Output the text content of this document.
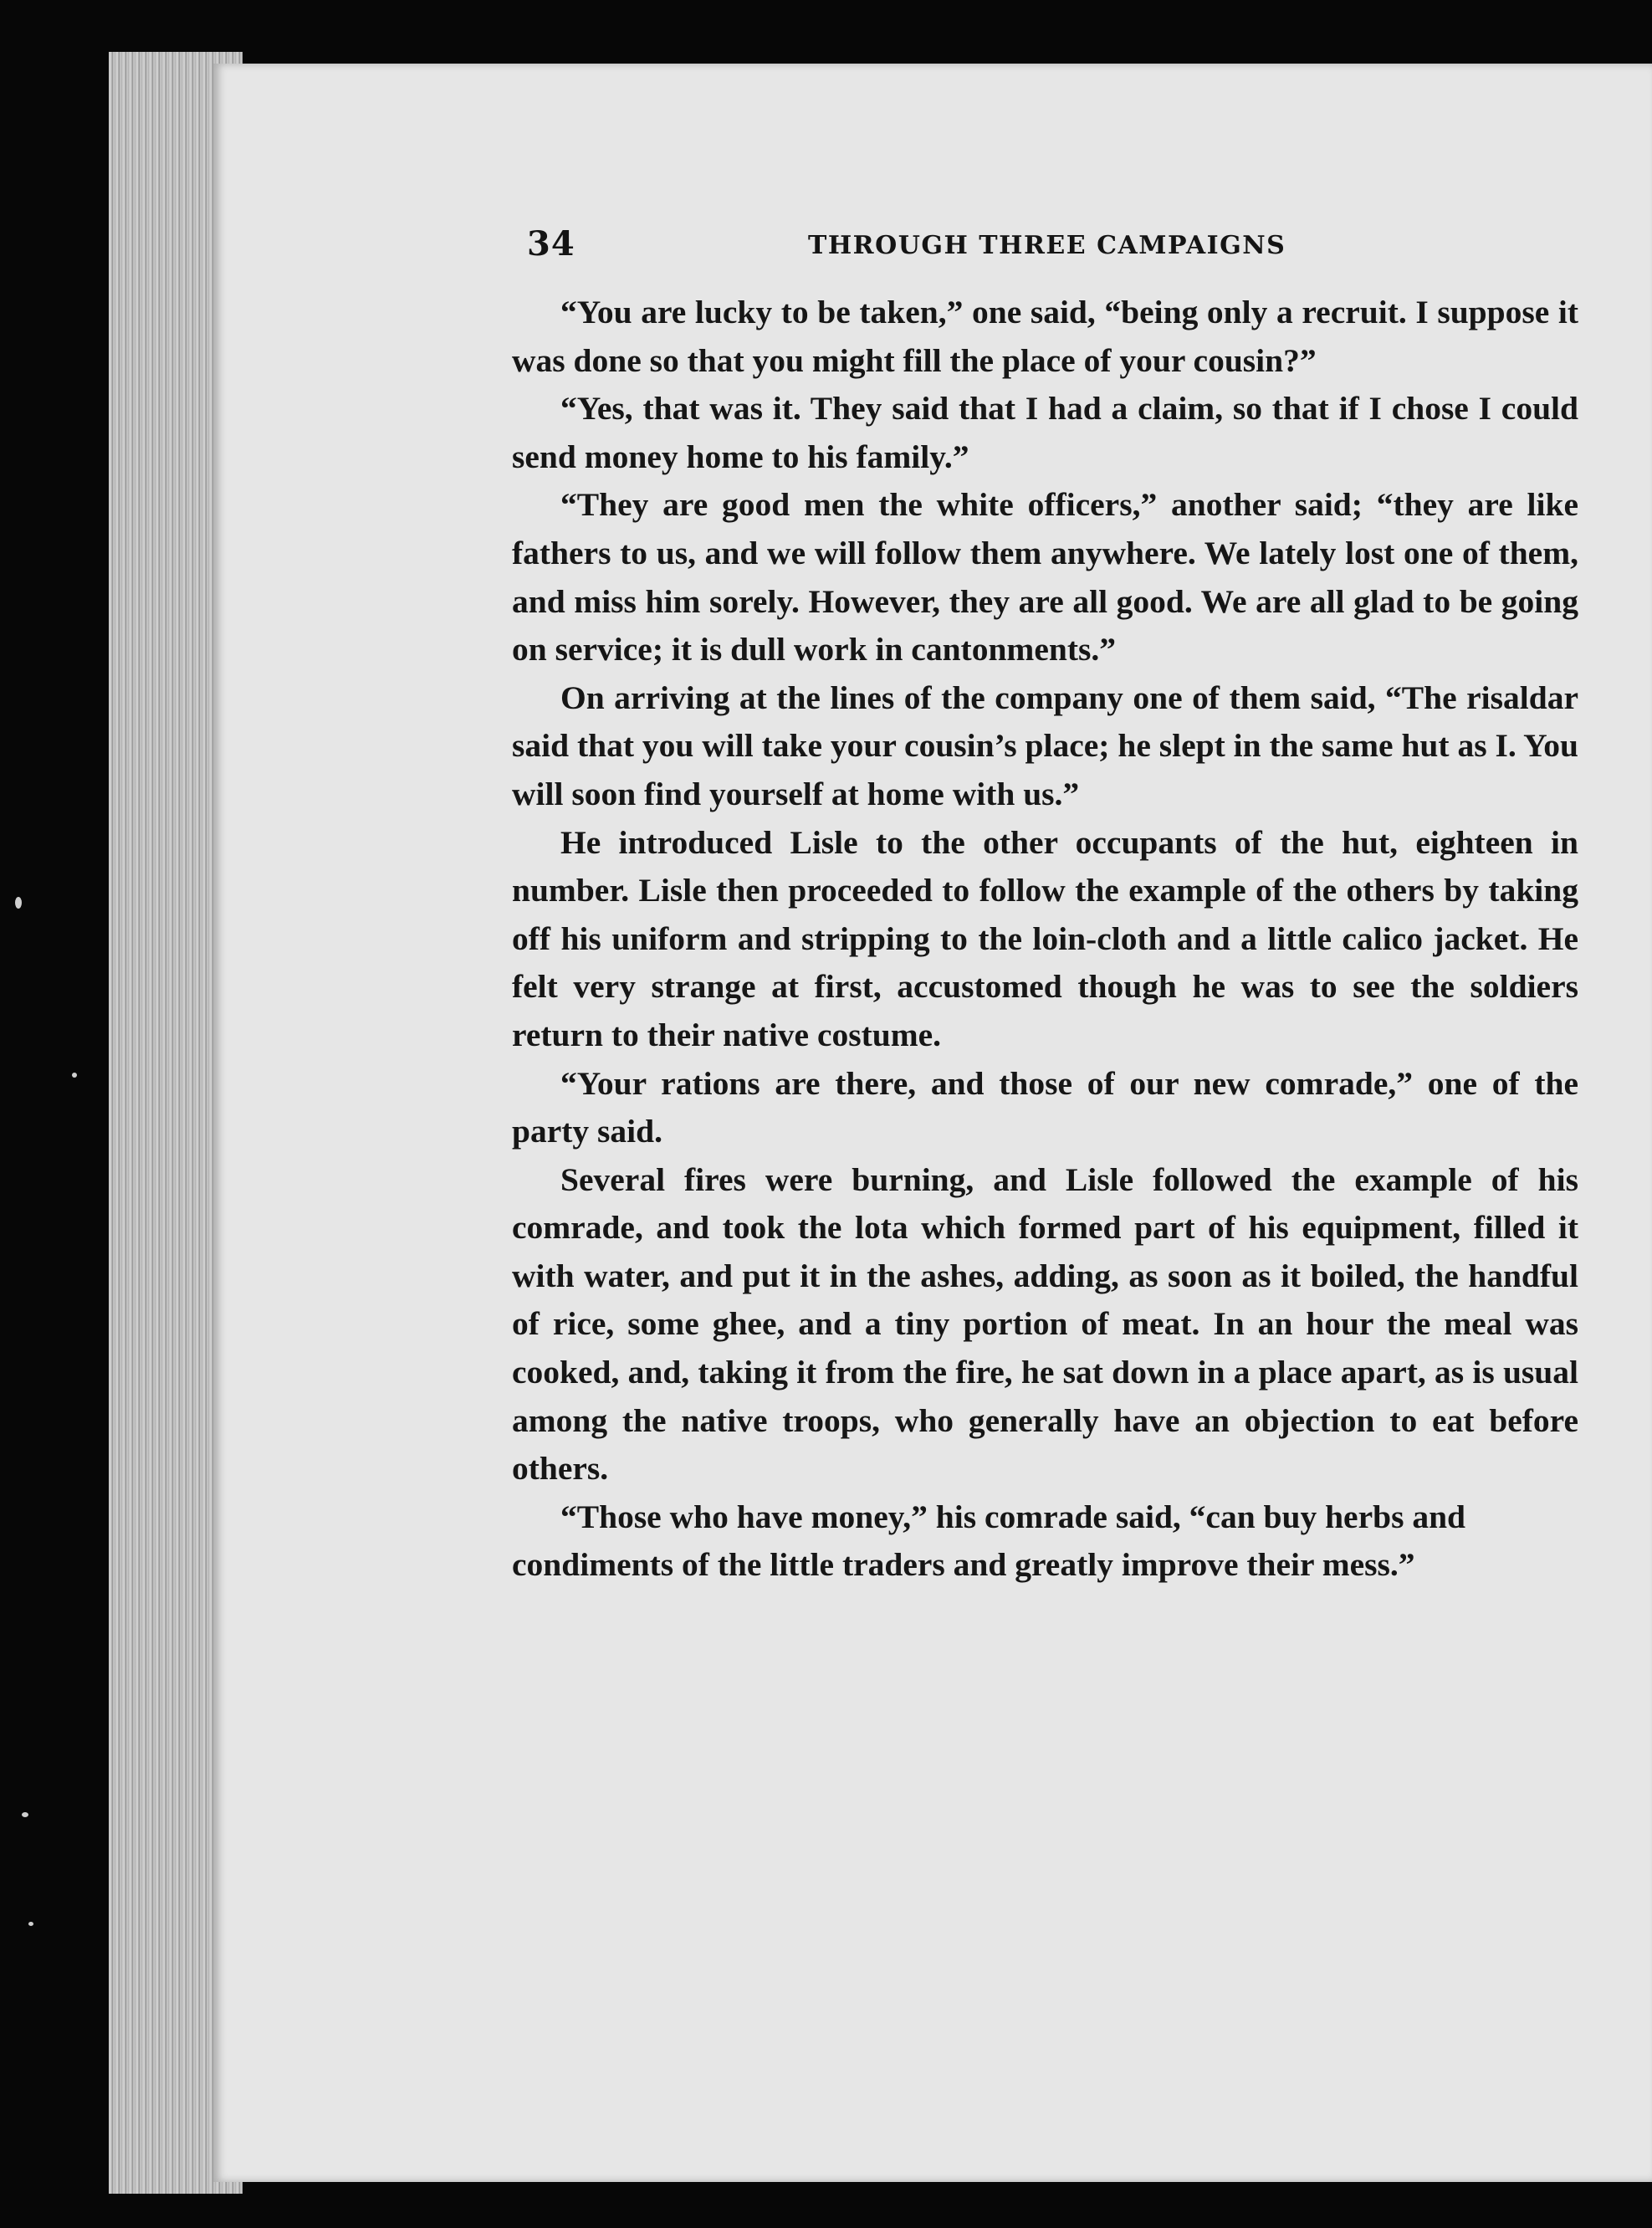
34	THROUGH THREE CAMPAIGNS

“You are lucky to be taken,” one said, “being only a recruit. I suppose it was done so that you might fill the place of your cousin?”

“Yes, that was it. They said that I had a claim, so that if I chose I could send money home to his family.”

“They are good men the white officers,” another said; “they are like fathers to us, and we will follow them anywhere. We lately lost one of them, and miss him sorely. However, they are all good. We are all glad to be going on service; it is dull work in cantonments.”

On arriving at the lines of the company one of them said, “The risaldar said that you will take your cousin’s place; he slept in the same hut as I. You will soon find yourself at home with us.”

He introduced Lisle to the other occupants of the hut, eighteen in number. Lisle then proceeded to follow the example of the others by taking off his uniform and stripping to the loin-cloth and a little calico jacket. He felt very strange at first, accustomed though he was to see the soldiers return to their native costume.

“Your rations are there, and those of our new comrade,” one of the party said.

Several fires were burning, and Lisle followed the example of his comrade, and took the lota which formed part of his equipment, filled it with water, and put it in the ashes, adding, as soon as it boiled, the handful of rice, some ghee, and a tiny portion of meat. In an hour the meal was cooked, and, taking it from the fire, he sat down in a place apart, as is usual among the native troops, who generally have an objection to eat before others.

“Those who have money,” his comrade said, “can buy herbs and condiments of the little traders and greatly improve their mess.”
